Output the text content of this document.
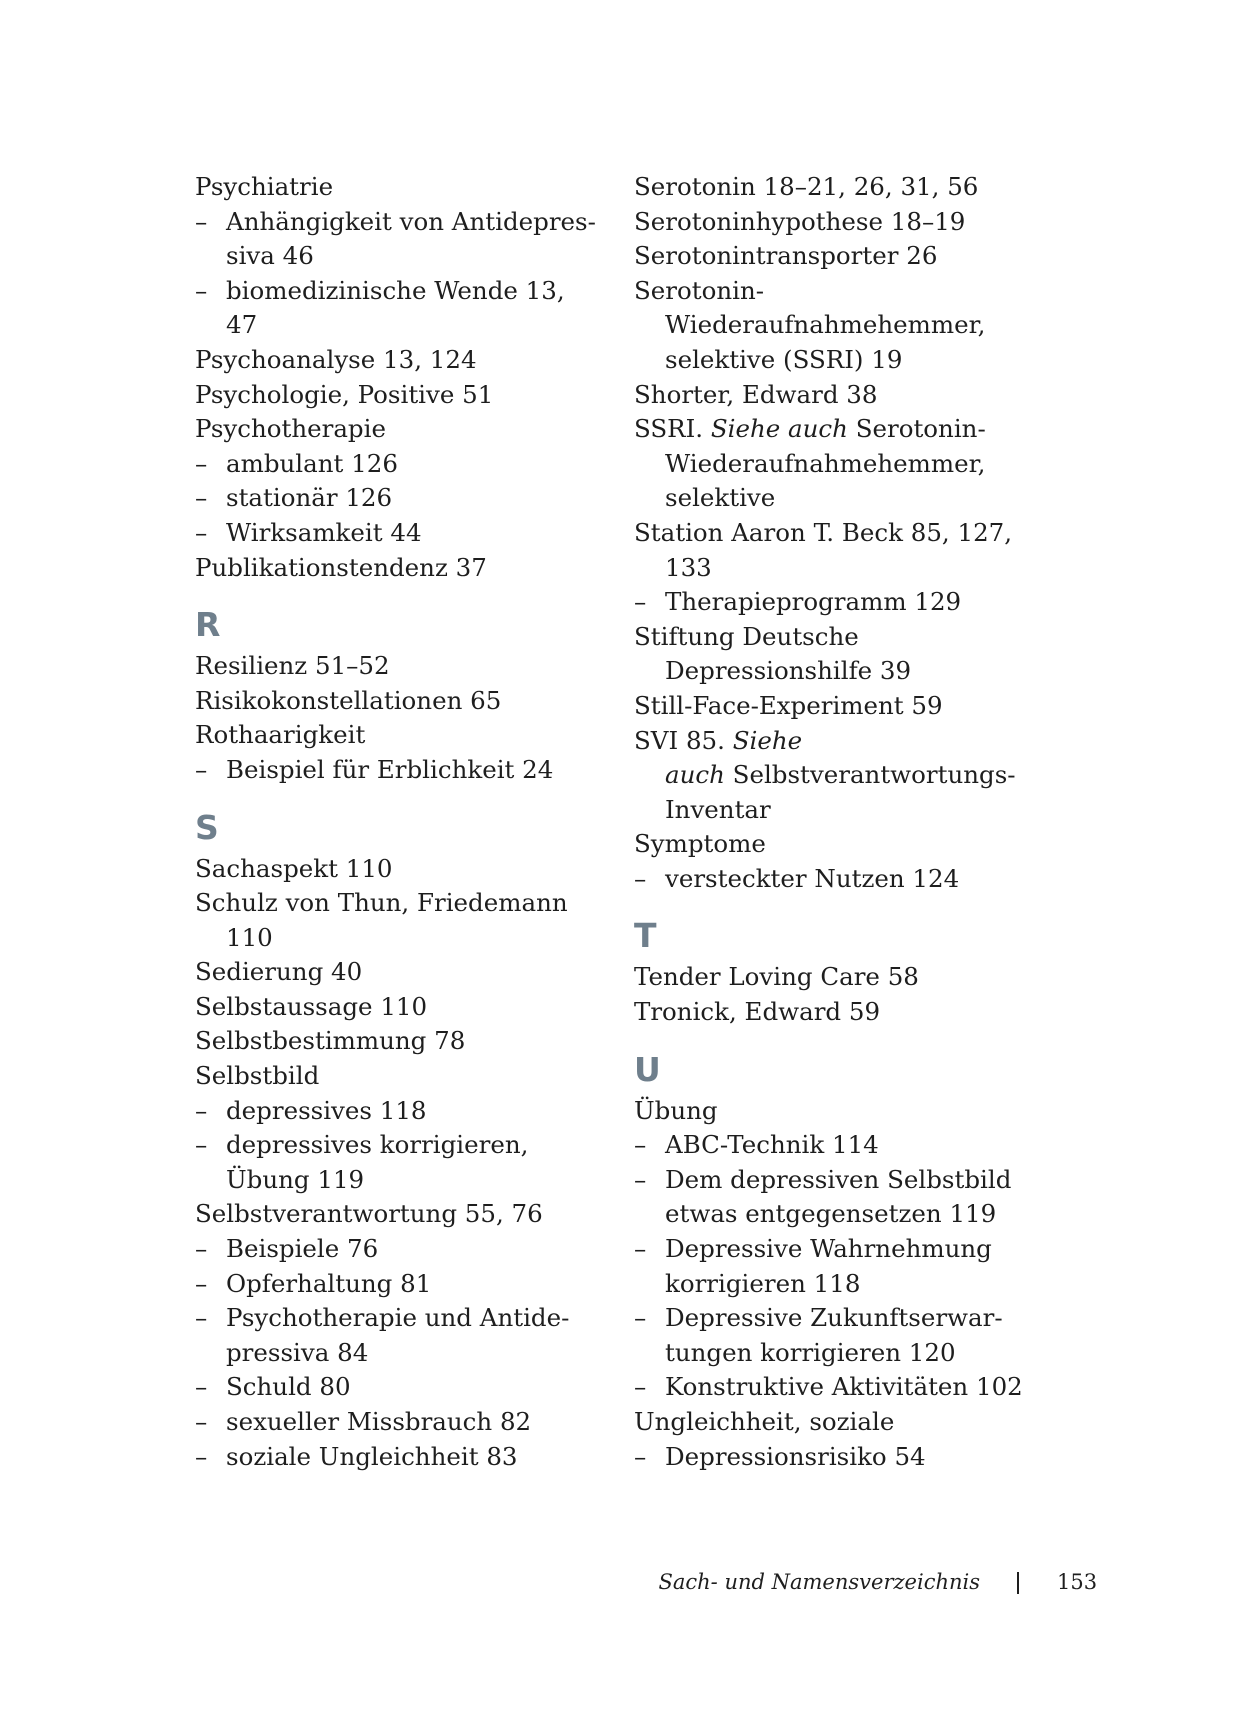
Psychiatrie
– Anhängigkeit von Antidepres-
siva 46
– biomedizinische Wende 13,
47
Psychoanalyse 13, 124
Psychologie, Positive 51
Psychotherapie
– ambulant 126
– stationär 126
– Wirksamkeit 44
Publikationstendenz 37
R
Resilienz 51–52
Risikokonstellationen 65
Rothaarigkeit
– Beispiel für Erblichkeit 24
S
Sachaspekt 110
Schulz von Thun, Friedemann
110
Sedierung 40
Selbstaussage 110
Selbstbestimmung 78
Selbstbild
– depressives 118
– depressives korrigieren,
Übung 119
Selbstverantwortung 55, 76
– Beispiele 76
– Opferhaltung 81
– Psychotherapie und Antide-
pressiva 84
– Schuld 80
– sexueller Missbrauch 82
– soziale Ungleichheit 83
Serotonin 18–21, 26, 31, 56
Serotoninhypothese 18–19
Serotonintransporter 26
Serotonin-
Wiederaufnahmehemmer,
selektive (SSRI) 19
Shorter, Edward 38
SSRI. Siehe auch Serotonin-
Wiederaufnahmehemmer,
selektive
Station Aaron T. Beck 85, 127,
133
– Therapieprogramm 129
Stiftung Deutsche
Depressionshilfe 39
Still-Face-Experiment 59
SVI 85. Siehe
auch Selbstverantwortungs-
Inventar
Symptome
– versteckter Nutzen 124
T
Tender Loving Care 58
Tronick, Edward 59
U
Übung
– ABC-Technik 114
– Dem depressiven Selbstbild
etwas entgegensetzen 119
– Depressive Wahrnehmung
korrigieren 118
– Depressive Zukunftserwar-
tungen korrigieren 120
– Konstruktive Aktivitäten 102
Ungleichheit, soziale
– Depressionsrisiko 54
Sach- und Namensverzeichnis	153
